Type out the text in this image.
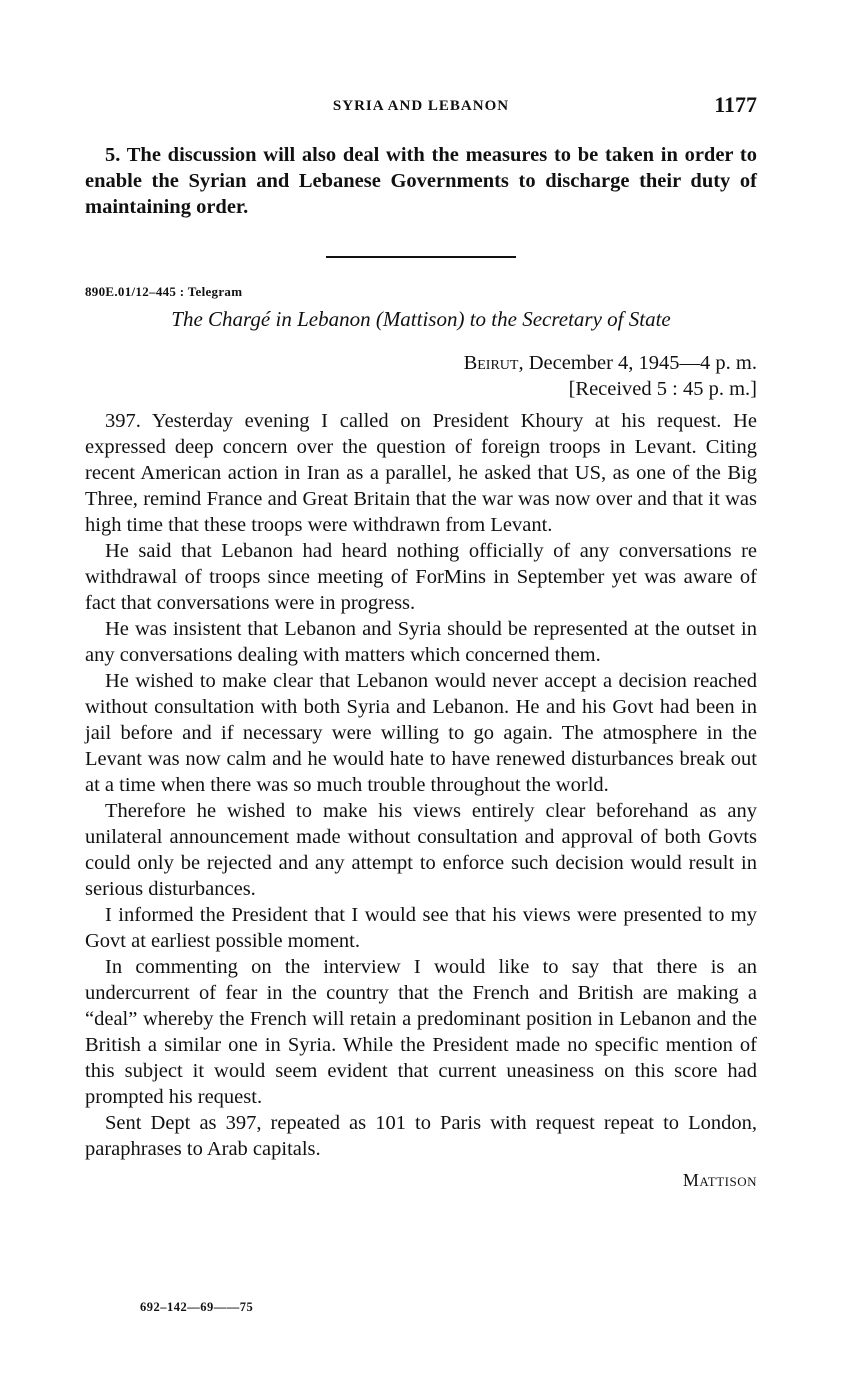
SYRIA AND LEBANON	1177

5. The discussion will also deal with the measures to be taken in order to enable the Syrian and Lebanese Governments to discharge their duty of maintaining order.

890E.01/12–445 : Telegram
The Chargé in Lebanon (Mattison) to the Secretary of State
Beirut, December 4, 1945—4 p. m.
[Received 5 : 45 p. m.]

397. Yesterday evening I called on President Khoury at his request. He expressed deep concern over the question of foreign troops in Levant. Citing recent American action in Iran as a parallel, he asked that US, as one of the Big Three, remind France and Great Britain that the war was now over and that it was high time that these troops were withdrawn from Levant.

He said that Lebanon had heard nothing officially of any conversations re withdrawal of troops since meeting of ForMins in September yet was aware of fact that conversations were in progress.

He was insistent that Lebanon and Syria should be represented at the outset in any conversations dealing with matters which concerned them.

He wished to make clear that Lebanon would never accept a decision reached without consultation with both Syria and Lebanon. He and his Govt had been in jail before and if necessary were willing to go again. The atmosphere in the Levant was now calm and he would hate to have renewed disturbances break out at a time when there was so much trouble throughout the world.

Therefore he wished to make his views entirely clear beforehand as any unilateral announcement made without consultation and approval of both Govts could only be rejected and any attempt to enforce such decision would result in serious disturbances.

I informed the President that I would see that his views were presented to my Govt at earliest possible moment.

In commenting on the interview I would like to say that there is an undercurrent of fear in the country that the French and British are making a “deal” whereby the French will retain a predominant position in Lebanon and the British a similar one in Syria. While the President made no specific mention of this subject it would seem evident that current uneasiness on this score had prompted his request.

Sent Dept as 397, repeated as 101 to Paris with request repeat to London, paraphrases to Arab capitals.

Mattison
692–142—69——75
